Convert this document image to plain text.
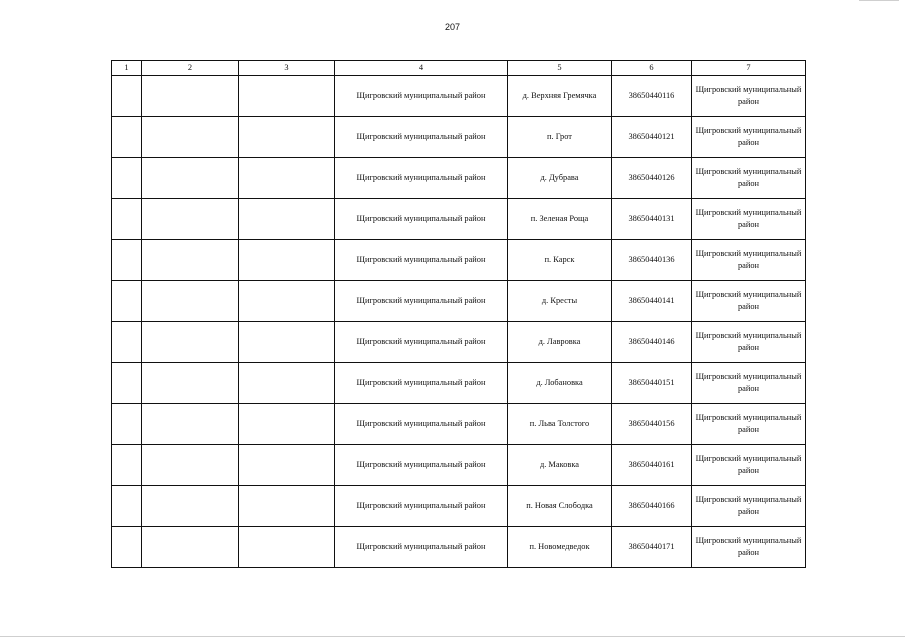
207
1	2	3	4	5	6	7
			Щигровский муниципальный район	д. Верхняя Гремячка	38650440116	Щигровский муниципальный район
			Щигровский муниципальный район	п. Грот	38650440121	Щигровский муниципальный район
			Щигровский муниципальный район	д. Дубрава	38650440126	Щигровский муниципальный район
			Щигровский муниципальный район	п. Зеленая Роща	38650440131	Щигровский муниципальный район
			Щигровский муниципальный район	п. Карск	38650440136	Щигровский муниципальный район
			Щигровский муниципальный район	д. Кресты	38650440141	Щигровский муниципальный район
			Щигровский муниципальный район	д. Лавровка	38650440146	Щигровский муниципальный район
			Щигровский муниципальный район	д. Лобановка	38650440151	Щигровский муниципальный район
			Щигровский муниципальный район	п. Льва Толстого	38650440156	Щигровский муниципальный район
			Щигровский муниципальный район	д. Маковка	38650440161	Щигровский муниципальный район
			Щигровский муниципальный район	п. Новая Слободка	38650440166	Щигровский муниципальный район
			Щигровский муниципальный район	п. Новомедведок	38650440171	Щигровский муниципальный район
